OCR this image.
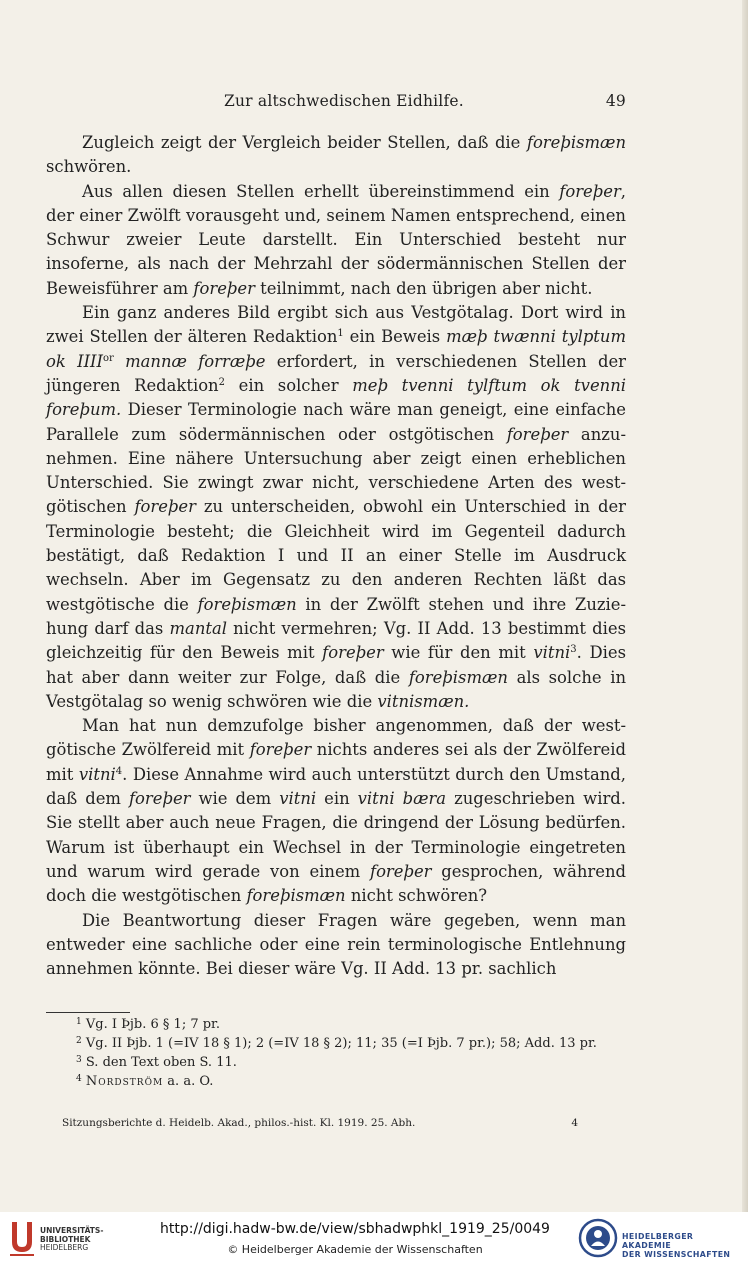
Zur altschwedischen Eidhilfe.	49

Zugleich zeigt der Vergleich beider Stellen, daß die foreþismæn schwören.

Aus allen diesen Stellen erhellt übereinstimmend ein foreþer, der einer Zwölft vorausgeht und, seinem Namen entsprechend, einen Schwur zweier Leute darstellt. Ein Unterschied besteht nur insoferne, als nach der Mehrzahl der södermännischen Stellen der Beweisführer am foreþer teilnimmt, nach den übrigen aber nicht.

Ein ganz anderes Bild ergibt sich aus Vestgötalag. Dort wird in zwei Stellen der älteren Redaktion$^1$ ein Beweis mæþ twænni tylptum ok $IIII^{or}$ mannæ forræþe erfordert, in verschiedenen Stellen der jüngeren Redaktion$^2$ ein solcher meþ tvenni tylftum ok tvenni foreþum. Dieser Terminologie nach wäre man geneigt, eine einfache Parallele zum södermännischen oder ostgötischen foreþer anzunehmen. Eine nähere Untersuchung aber zeigt einen erheblichen Unterschied. Sie zwingt zwar nicht, verschiedene Arten des westgötischen foreþer zu unterscheiden, obwohl ein Unterschied in der Terminologie besteht; die Gleichheit wird im Gegenteil dadurch bestätigt, daß Redaktion I und II an einer Stelle im Ausdruck wechseln. Aber im Gegensatz zu den anderen Rechten läßt das westgötische die foreþismæn in der Zwölft stehen und ihre Zuziehung darf das mantal nicht vermehren; Vg. II Add. 13 bestimmt dies gleichzeitig für den Beweis mit foreþer wie für den mit vitni$^3$. Dies hat aber dann weiter zur Folge, daß die foreþismæn als solche in Vestgötalag so wenig schwören wie die vitnismæn.

Man hat nun demzufolge bisher angenommen, daß der westgötische Zwölfereid mit foreþer nichts anderes sei als der Zwölfereid mit vitni$^4$. Diese Annahme wird auch unterstützt durch den Umstand, daß dem foreþer wie dem vitni ein vitni bæra zugeschrieben wird. Sie stellt aber auch neue Fragen, die dringend der Lösung bedürfen. Warum ist überhaupt ein Wechsel in der Terminologie eingetreten und warum wird gerade von einem foreþer gesprochen, während doch die westgötischen foreþismæn nicht schwören?

Die Beantwortung dieser Fragen wäre gegeben, wenn man entweder eine sachliche oder eine rein terminologische Entlehnung annehmen könnte. Bei dieser wäre Vg. II Add. 13 pr. sachlich

$^1$ Vg. I Þjb. 6 § 1; 7 pr.
$^2$ Vg. II Þjb. 1 (=IV 18 § 1); 2 (=IV 18 § 2); 11; 35 (=I Þjb. 7 pr.); 58; Add. 13 pr.
$^3$ S. den Text oben S. 11.
$^4$ Nordström a. a. O.
Sitzungsberichte d. Heidelb. Akad., philos.-hist. Kl. 1919. 25. Abh.	4
UNIVERSITÄTS-
BIBLIOTHEK
HEIDELBERG
http://digi.hadw-bw.de/view/sbhadwphkl_1919_25/0049
© Heidelberger Akademie der Wissenschaften
HEIDELBERGER AKADEMIE
DER WISSENSCHAFTEN
